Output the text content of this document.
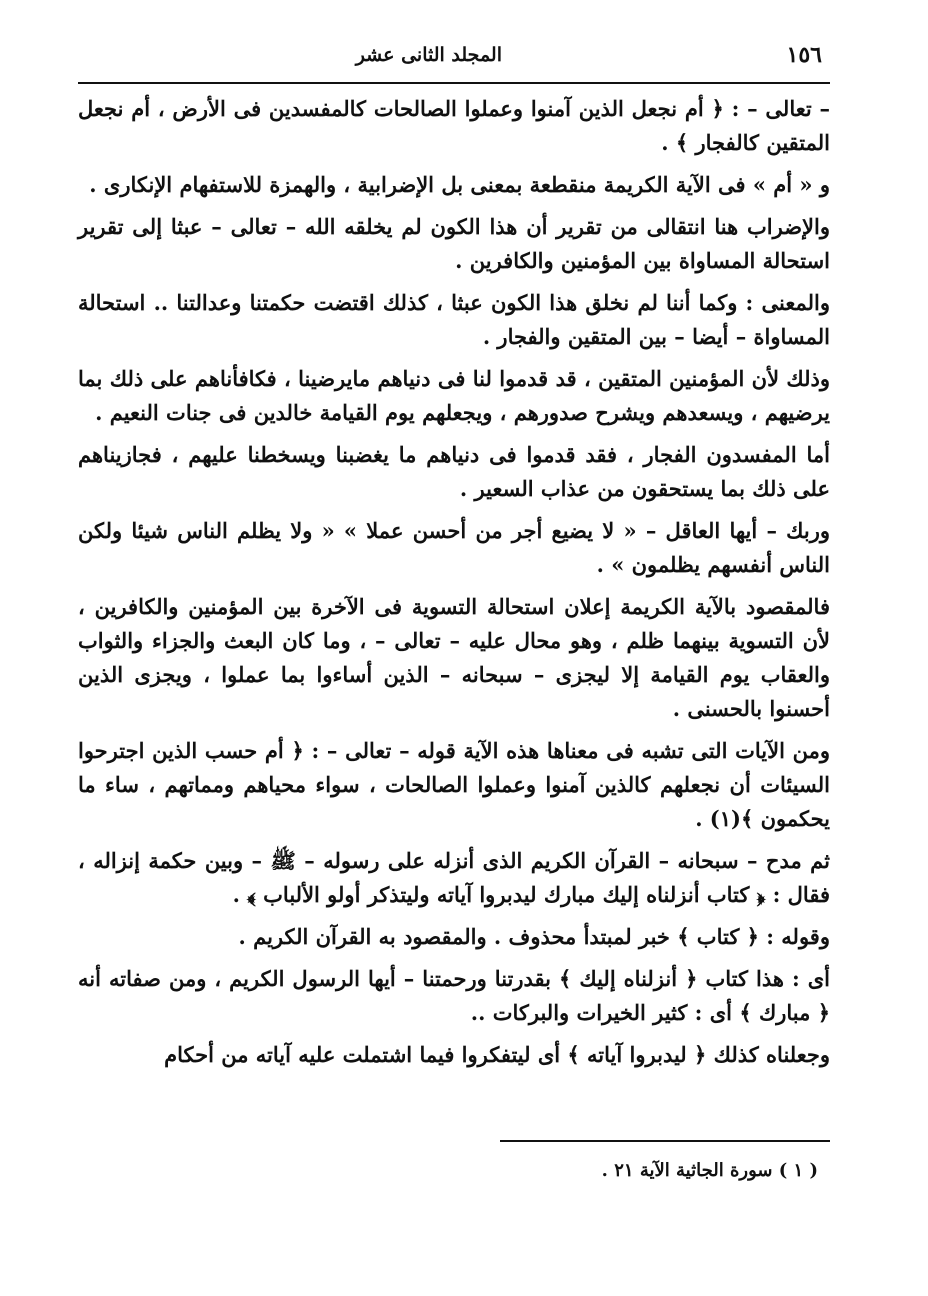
١٥٦
المجلد الثانى عشر

– تعالى – : ﴿ أم نجعل الذين آمنوا وعملوا الصالحات كالمفسدين فى الأرض ، أم نجعل المتقين كالفجار ﴾ .

و « أم » فى الآية الكريمة منقطعة بمعنى بل الإضرابية ، والهمزة للاستفهام الإنكارى .

والإضراب هنا انتقالى من تقرير أن هذا الكون لم يخلقه الله – تعالى – عبثا إلى تقرير استحالة المساواة بين المؤمنين والكافرين .

والمعنى : وكما أننا لم نخلق هذا الكون عبثا ، كذلك اقتضت حكمتنا وعدالتنا .. استحالة المساواة – أيضا – بين المتقين والفجار .

وذلك لأن المؤمنين المتقين ، قد قدموا لنا فى دنياهم مايرضينا ، فكافأناهم على ذلك بما يرضيهم ، ويسعدهم ويشرح صدورهم ، ويجعلهم يوم القيامة خالدين فى جنات النعيم .

أما المفسدون الفجار ، فقد قدموا فى دنياهم ما يغضبنا ويسخطنا عليهم ، فجازيناهم على ذلك بما يستحقون من عذاب السعير .

وربك – أيها العاقل – « لا يضيع أجر من أحسن عملا » « ولا يظلم الناس شيئا ولكن الناس أنفسهم يظلمون » .

فالمقصود بالآية الكريمة إعلان استحالة التسوية فى الآخرة بين المؤمنين والكافرين ، لأن التسوية بينهما ظلم ، وهو محال عليه – تعالى – ، وما كان البعث والجزاء والثواب والعقاب يوم القيامة إلا ليجزى – سبحانه – الذين أساءوا بما عملوا ، ويجزى الذين أحسنوا بالحسنى .

ومن الآيات التى تشبه فى معناها هذه الآية قوله – تعالى – : ﴿ أم حسب الذين اجترحوا السيئات أن نجعلهم كالذين آمنوا وعملوا الصالحات ، سواء محياهم ومماتهم ، ساء ما يحكمون ﴾(١) .

ثم مدح – سبحانه – القرآن الكريم الذى أنزله على رسوله – ﷺ – وبين حكمة إنزاله ، فقال : ﴿ كتاب أنزلناه إليك مبارك ليدبروا آياته وليتذكر أولو الألباب ﴾ .

وقوله : ﴿ كتاب ﴾ خبر لمبتدأ محذوف . والمقصود به القرآن الكريم .

أى : هذا كتاب ﴿ أنزلناه إليك ﴾ بقدرتنا ورحمتنا – أيها الرسول الكريم ، ومن صفاته أنه ﴿ مبارك ﴾ أى : كثير الخيرات والبركات ..

وجعلناه كذلك ﴿ ليدبروا آياته ﴾ أى ليتفكروا فيما اشتملت عليه آياته من أحكام

( ١ ) سورة الجاثية الآية ٢١ .
